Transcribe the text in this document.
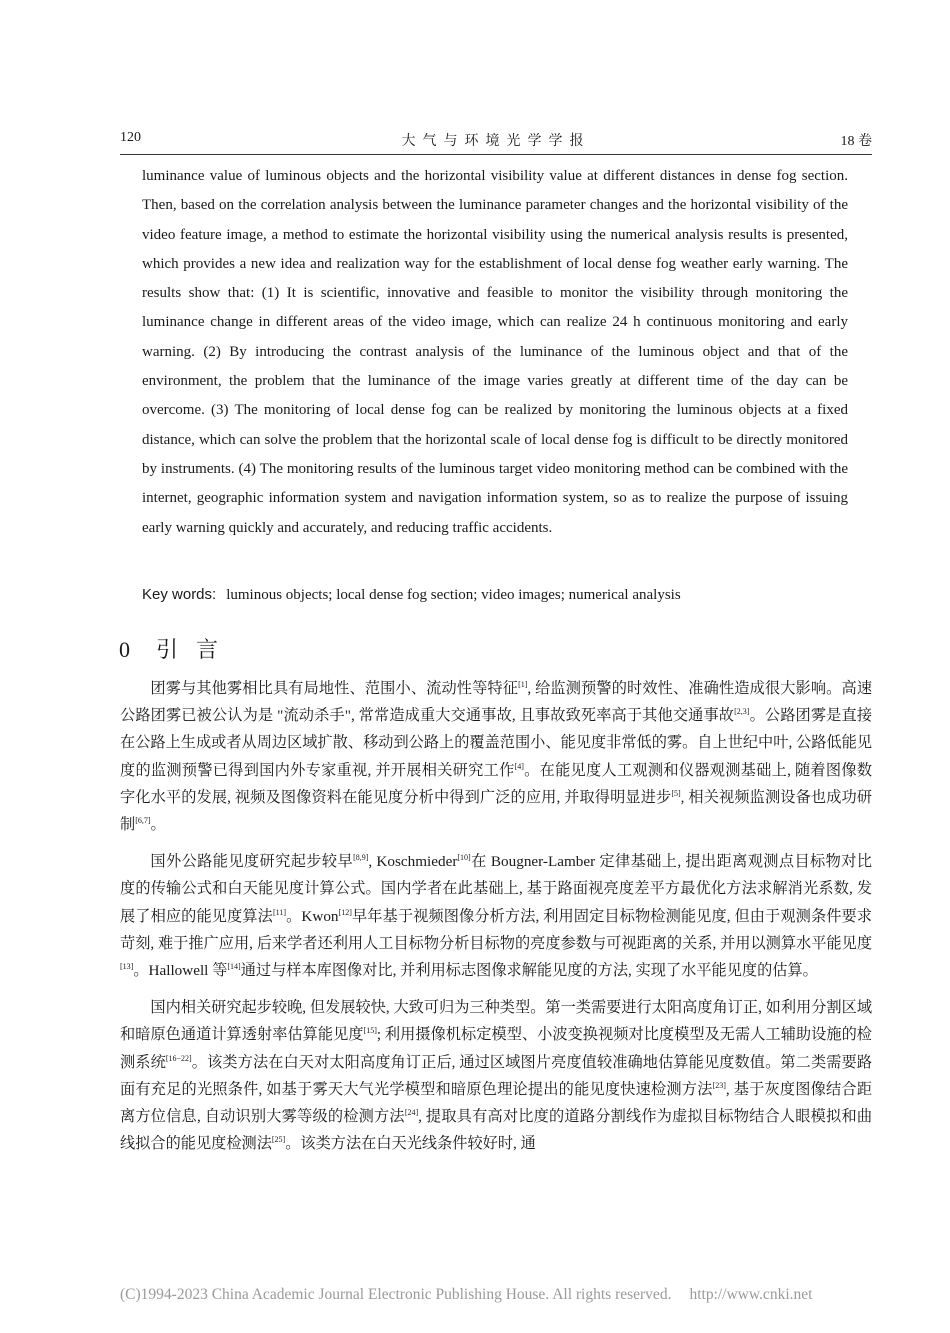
120	大气与环境光学学报	18 卷
luminance value of luminous objects and the horizontal visibility value at different distances in dense fog section. Then, based on the correlation analysis between the luminance parameter changes and the horizontal visibility of the video feature image, a method to estimate the horizontal visibility using the numerical analysis results is presented, which provides a new idea and realization way for the establishment of local dense fog weather early warning. The results show that: (1) It is scientific, innovative and feasible to monitor the visibility through monitoring the luminance change in different areas of the video image, which can realize 24 h continuous monitoring and early warning. (2) By introducing the contrast analysis of the luminance of the luminous object and that of the environment, the problem that the luminance of the image varies greatly at different time of the day can be overcome. (3) The monitoring of local dense fog can be realized by monitoring the luminous objects at a fixed distance, which can solve the problem that the horizontal scale of local dense fog is difficult to be directly monitored by instruments. (4) The monitoring results of the luminous target video monitoring method can be combined with the internet, geographic information system and navigation information system, so as to realize the purpose of issuing early warning quickly and accurately, and reducing traffic accidents.
Key words: luminous objects; local dense fog section; video images; numerical analysis
0 引言

团雾与其他雾相比具有局地性、范围小、流动性等特征[1], 给监测预警的时效性、准确性造成很大影响。高速公路团雾已被公认为是 "流动杀手", 常常造成重大交通事故, 且事故致死率高于其他交通事故[2,3]。公路团雾是直接在公路上生成或者从周边区域扩散、移动到公路上的覆盖范围小、能见度非常低的雾。自上世纪中叶, 公路低能见度的监测预警已得到国内外专家重视, 并开展相关研究工作[4]。在能见度人工观测和仪器观测基础上, 随着图像数字化水平的发展, 视频及图像资料在能见度分析中得到广泛的应用, 并取得明显进步[5], 相关视频监测设备也成功研制[6,7]。

国外公路能见度研究起步较早[8,9], Koschmieder[10]在 Bougner-Lamber 定律基础上, 提出距离观测点目标物对比度的传输公式和白天能见度计算公式。国内学者在此基础上, 基于路面视亮度差平方最优化方法求解消光系数, 发展了相应的能见度算法[11]。Kwon[12]早年基于视频图像分析方法, 利用固定目标物检测能见度, 但由于观测条件要求苛刻, 难于推广应用, 后来学者还利用人工目标物分析目标物的亮度参数与可视距离的关系, 并用以测算水平能见度[13]。Hallowell 等[14]通过与样本库图像对比, 并利用标志图像求解能见度的方法, 实现了水平能见度的估算。

国内相关研究起步较晚, 但发展较快, 大致可归为三种类型。第一类需要进行太阳高度角订正, 如利用分割区域和暗原色通道计算透射率估算能见度[15]; 利用摄像机标定模型、小波变换视频对比度模型及无需人工辅助设施的检测系统[16−22]。该类方法在白天对太阳高度角订正后, 通过区域图片亮度值较准确地估算能见度数值。第二类需要路面有充足的光照条件, 如基于雾天大气光学模型和暗原色理论提出的能见度快速检测方法[23], 基于灰度图像结合距离方位信息, 自动识别大雾等级的检测方法[24], 提取具有高对比度的道路分割线作为虚拟目标物结合人眼模拟和曲线拟合的能见度检测法[25]。该类方法在白天光线条件较好时, 通

(C)1994-2023 China Academic Journal Electronic Publishing House. All rights reserved. http://www.cnki.net
